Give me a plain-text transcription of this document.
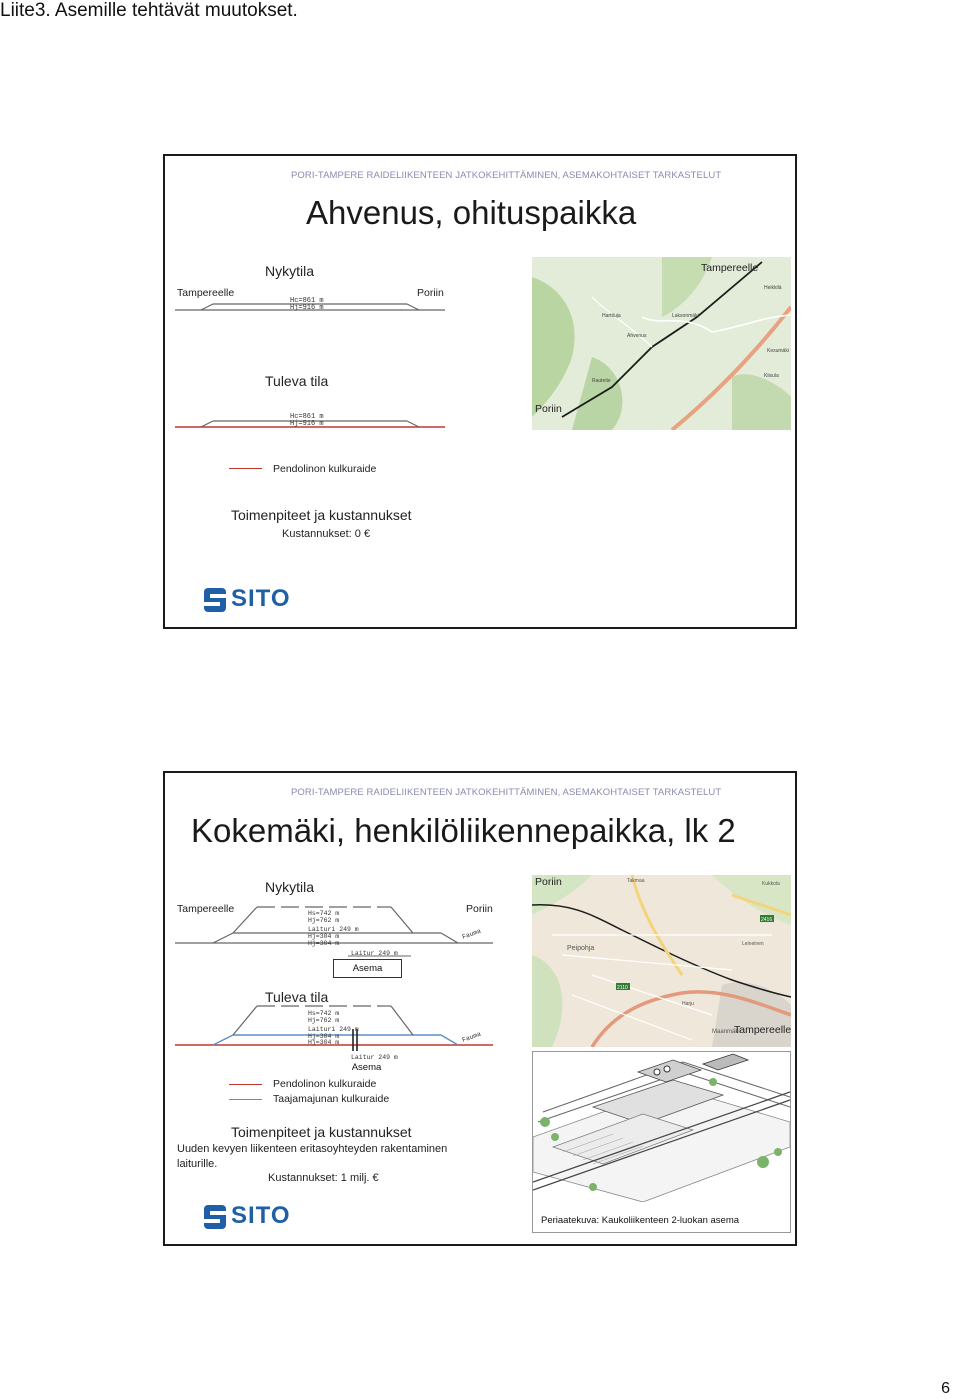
Liite3. Asemille tehtävät muutokset.
PORI-TAMPERE RAIDELIIKENTEEN JATKOKEHITTÄMINEN, ASEMAKOHTAISET TARKASTELUT
Ahvenus, ohituspaikka
Nykytila
Tampereelle	Poriin
Hc=861 m
Hj=916 m
Tuleva tila
Hc=861 m
Hj=916 m
Harttiuja	Laksonmäki
Ahvenus
Rautetie
Heikkilä
Kiisula
Kesumäki
Tampereelle
Poriin
Pendolinon kulkuraide
Toimenpiteet ja kustannukset
Kustannukset: 0 €
SITO
PORI-TAMPERE RAIDELIIKENTEEN JATKOKEHITTÄMINEN, ASEMAKOHTAISET TARKASTELUT
Kokemäki, henkilöliikennepaikka, lk 2
Nykytila
Tampereelle	Poriin
Hs=742 m
Hj=762 m
Laituri 249 m
Hj=304 m
Hj=304 m
Laitur 249 m
Fauma
Asema
Tuleva tila
Hs=742 m
Hj=762 m
Laituri 249 m
Hj=304 m
Hj=304 m
Laitur 249 m
Fauma
Asema
Pendolinon kulkuraide
Taajamajunan kulkuraide
Toimenpiteet ja kustannukset
Uuden kevyen liikenteen eritasoyhteyden rakentaminen
laiturille.
Kustannukset: 1 milj. €
Peipohja
Takmaa
Maanmäki
Leineinen
Kukkola
Harju
2416
2110
Poriin
Tampereelle
Periaatekuva: Kaukoliikenteen 2-luokan asema
SITO
6
